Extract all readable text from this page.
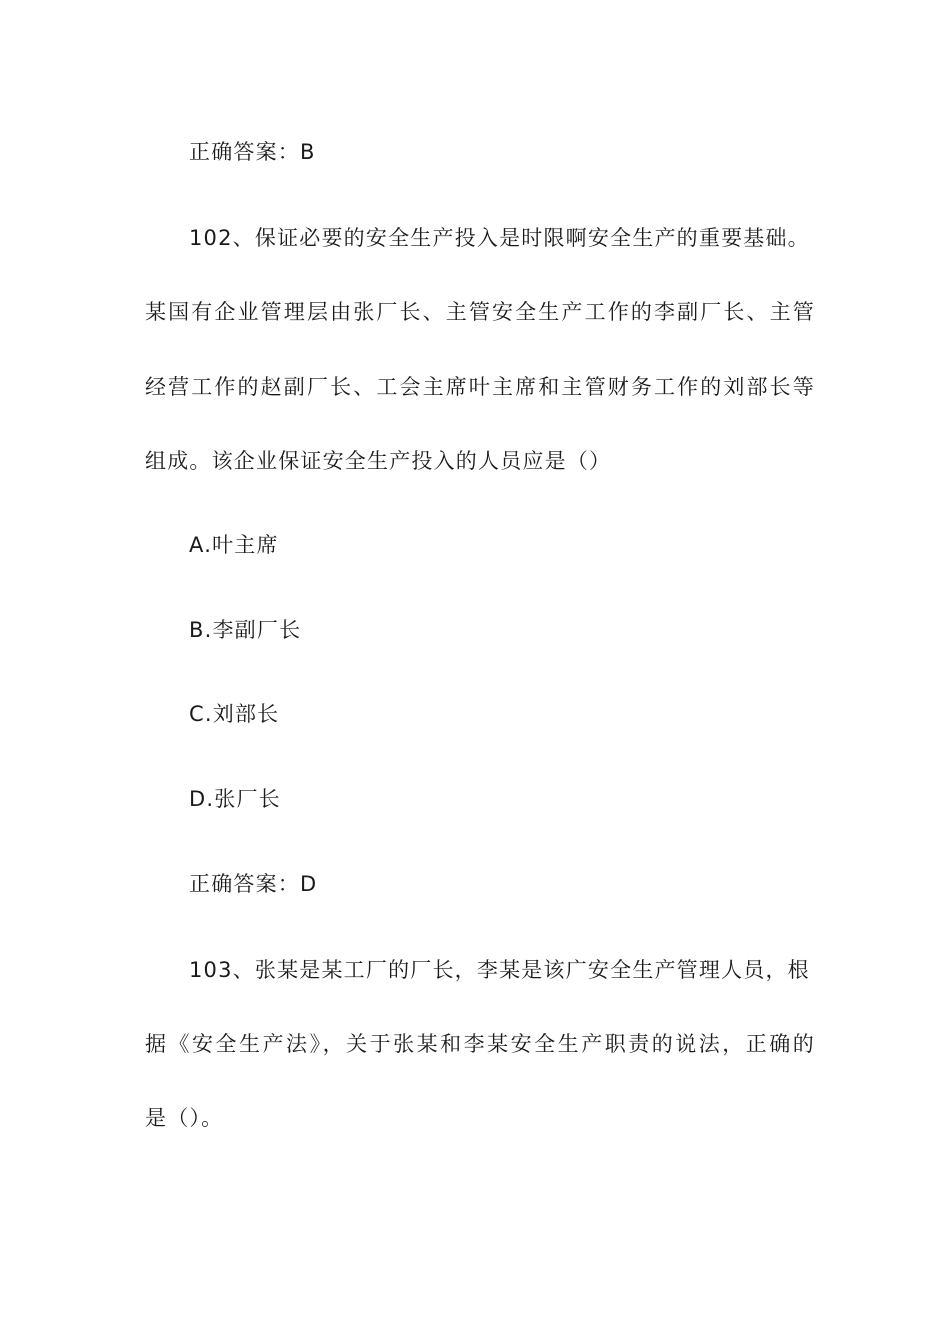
正确答案：B
102、保证必要的安全生产投入是时限啊安全生产的重要基础。
某国有企业管理层由张厂长、主管安全生产工作的李副厂长、主管
经营工作的赵副厂长、工会主席叶主席和主管财务工作的刘部长等
组成。该企业保证安全生产投入的人员应是（）
A.叶主席
B.李副厂长
C.刘部长
D.张厂长
正确答案：D
103、张某是某工厂的厂长，李某是该广安全生产管理人员，根
据《安全生产法》，关于张某和李某安全生产职责的说法，正确的
是（）。
